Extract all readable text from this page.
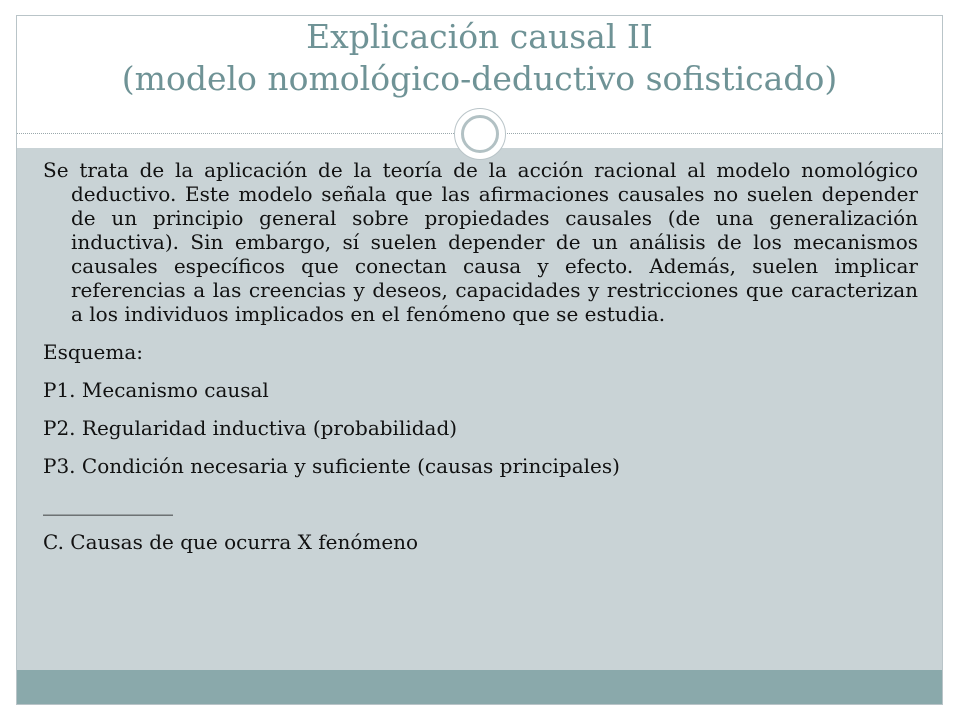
Explicación causal II
(modelo nomológico-deductivo sofisticado)

Se trata de la aplicación de la teoría de la acción racional al modelo nomológico deductivo. Este modelo señala que las afirmaciones causales no suelen depender de un principio general sobre propiedades causales (de una generalización inductiva). Sin embargo, sí suelen depender de un análisis de los mecanismos causales específicos que conectan causa y efecto. Además, suelen implicar referencias a las creencias y deseos, capacidades y restricciones que caracterizan a los individuos implicados en el fenómeno que se estudia.

Esquema:

P1. Mecanismo causal

P2. Regularidad inductiva (probabilidad)

P3. Condición necesaria y suficiente (causas principales)

_____________

C. Causas de que ocurra X fenómeno
